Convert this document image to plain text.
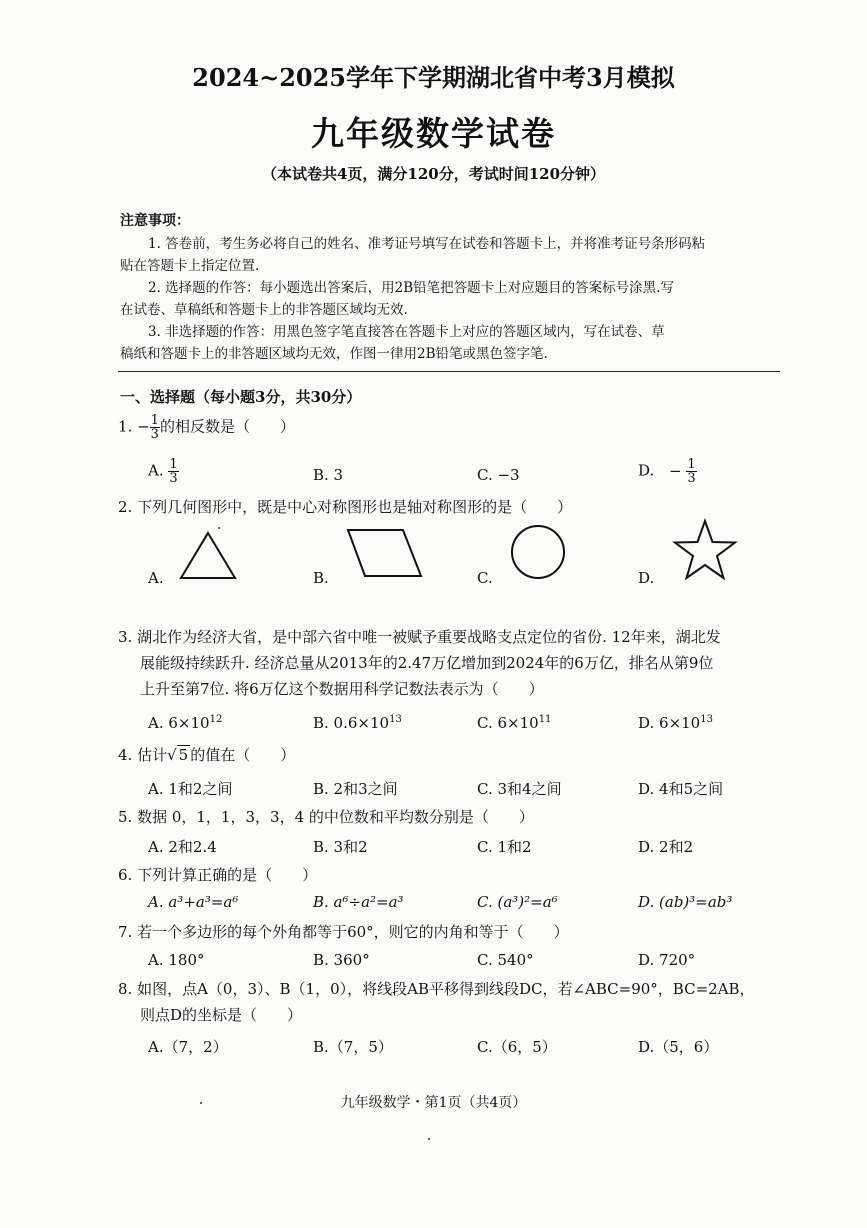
2024~2025学年下学期湖北省中考3月模拟
九年级数学试卷
（本试卷共4页，满分120分，考试时间120分钟）
注意事项：
1. 答卷前，考生务必将自己的姓名、准考证号填写在试卷和答题卡上，并将准考证号条形码粘
贴在答题卡上指定位置.
2. 选择题的作答：每小题选出答案后，用2B铅笔把答题卡上对应题目的答案标号涂黑.写
在试卷、草稿纸和答题卡上的非答题区域均无效.
3. 非选择题的作答：用黑色签字笔直接答在答题卡上对应的答题区域内，写在试卷、草
稿纸和答题卡上的非答题区域均无效，作图一律用2B铅笔或黑色签字笔.
一、选择题（每小题3分，共30分）
1. − $\frac{1}{3}$ 的相反数是（　　）
A. $\frac{1}{3}$	B. 3	C. −3	D. − $\frac{1}{3}$
2. 下列几何图形中，既是中心对称图形也是轴对称图形的是（　　）
A.	B.	C.	D.
3. 湖北作为经济大省，是中部六省中唯一被赋予重要战略支点定位的省份. 12年来，湖北发
展能级持续跃升. 经济总量从2013年的2.47万亿增加到2024年的6万亿，排名从第9位
上升至第7位. 将6万亿这个数据用科学记数法表示为（　　）
A. $6\times 10^{12}$	B. $0.6\times 10^{13}$	C. $6\times 10^{11}$	D. $6\times 10^{13}$
4. 估计√ 5 的值在（　　）
A. 1和2之间	B. 2和3之间	C. 3和4之间	D. 4和5之间
5. 数据 0，1，1，3，3，4 的中位数和平均数分别是（　　）
A. 2和2.4	B. 3和2	C. 1和2	D. 2和2
6. 下列计算正确的是（　　）
A. a³+a³=a⁶	B. a⁶÷a²=a³	C. (a³)²=a⁶	D. (ab)³=ab³
7. 若一个多边形的每个外角都等于60°，则它的内角和等于（　　）
A. 180°	B. 360°	C. 540°	D. 720°
8. 如图，点A（0，3）、B（1，0），将线段AB平移得到线段DC，若∠ABC=90°，BC=2AB，
则点D的坐标是（　　）
A.（7，2）	B.（7，5）	C.（6，5）	D.（5，6）
九年级数学・第1页（共4页）
